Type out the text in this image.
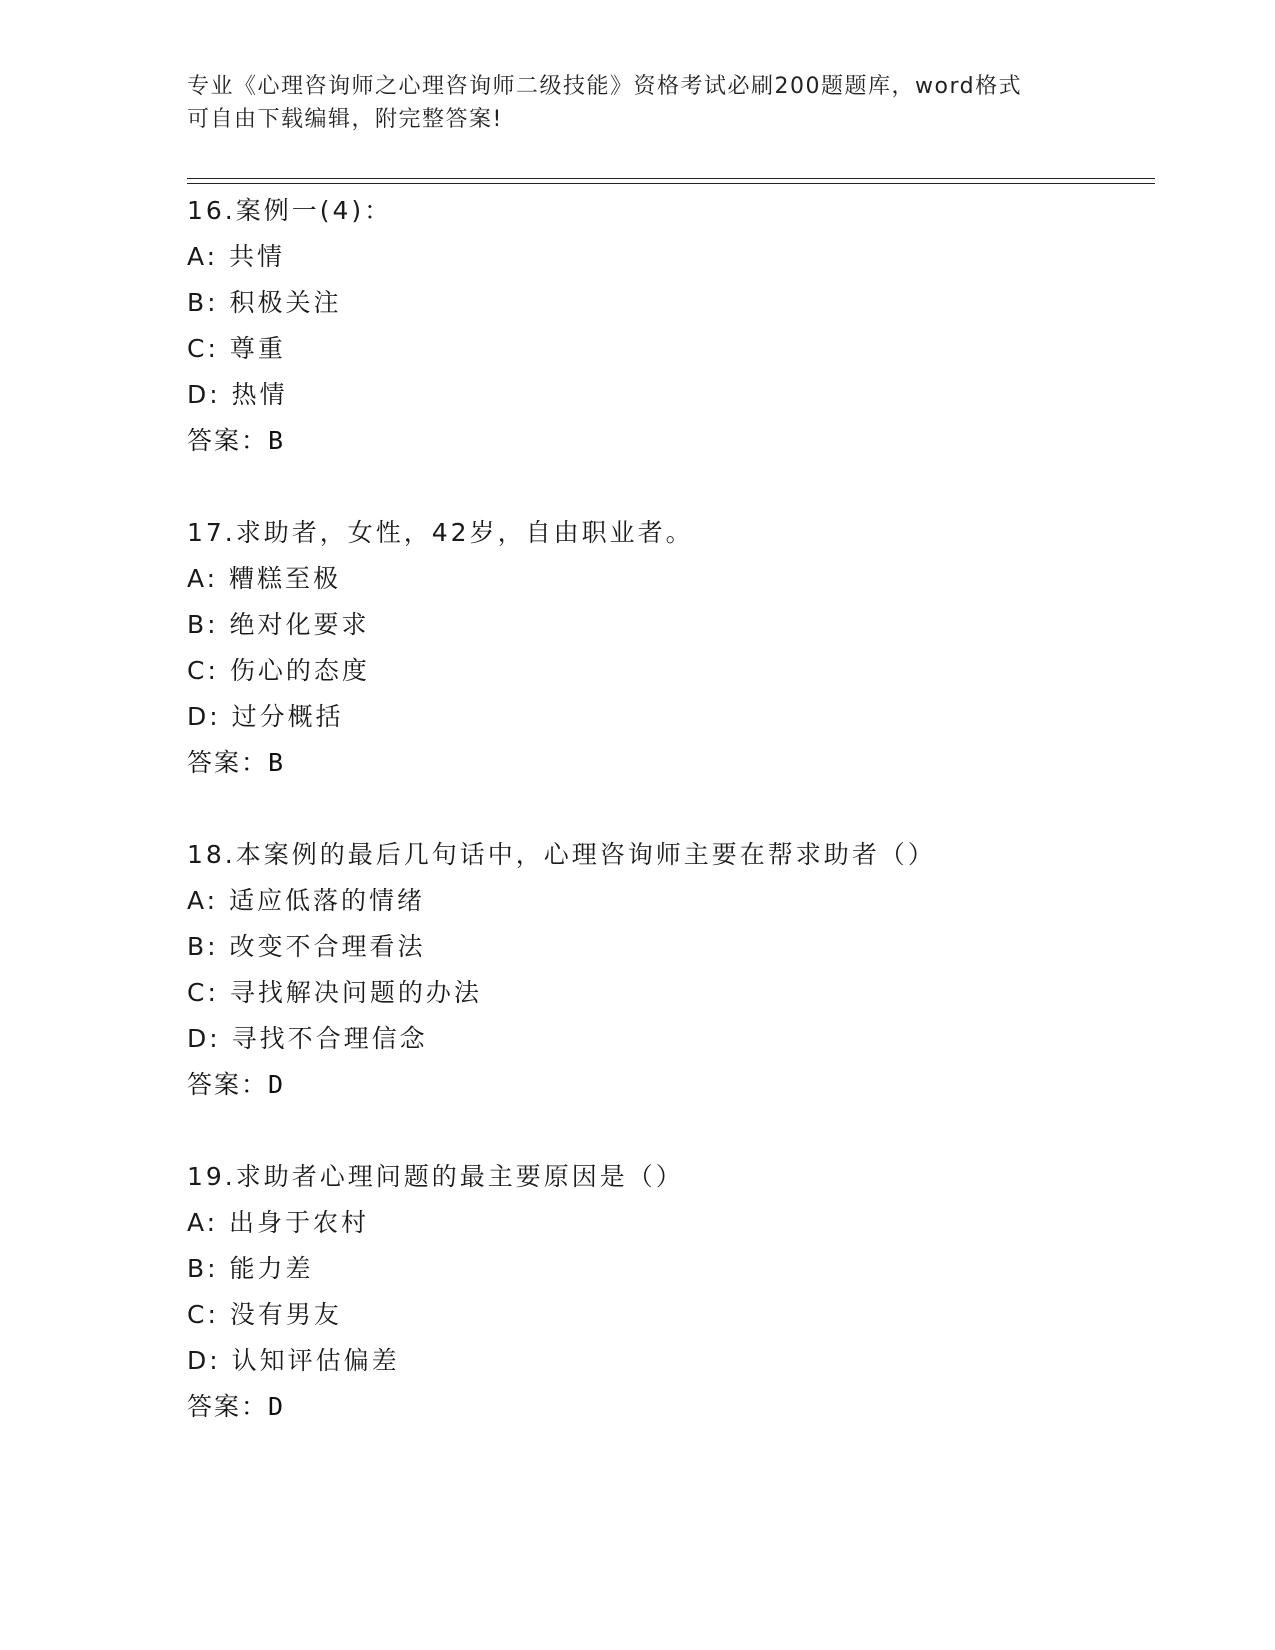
专业《心理咨询师之心理咨询师二级技能》资格考试必刷200题题库，word格式
可自由下载编辑，附完整答案!
16.案例一(4)：
A: 共情
B: 积极关注
C: 尊重
D: 热情
答案：B
17.求助者，女性，42岁，自由职业者。
A: 糟糕至极
B: 绝对化要求
C: 伤心的态度
D: 过分概括
答案：B
18.本案例的最后几句话中，心理咨询师主要在帮求助者（）
A: 适应低落的情绪
B: 改变不合理看法
C: 寻找解决问题的办法
D: 寻找不合理信念
答案：D
19.求助者心理问题的最主要原因是（）
A: 出身于农村
B: 能力差
C: 没有男友
D: 认知评估偏差
答案：D
